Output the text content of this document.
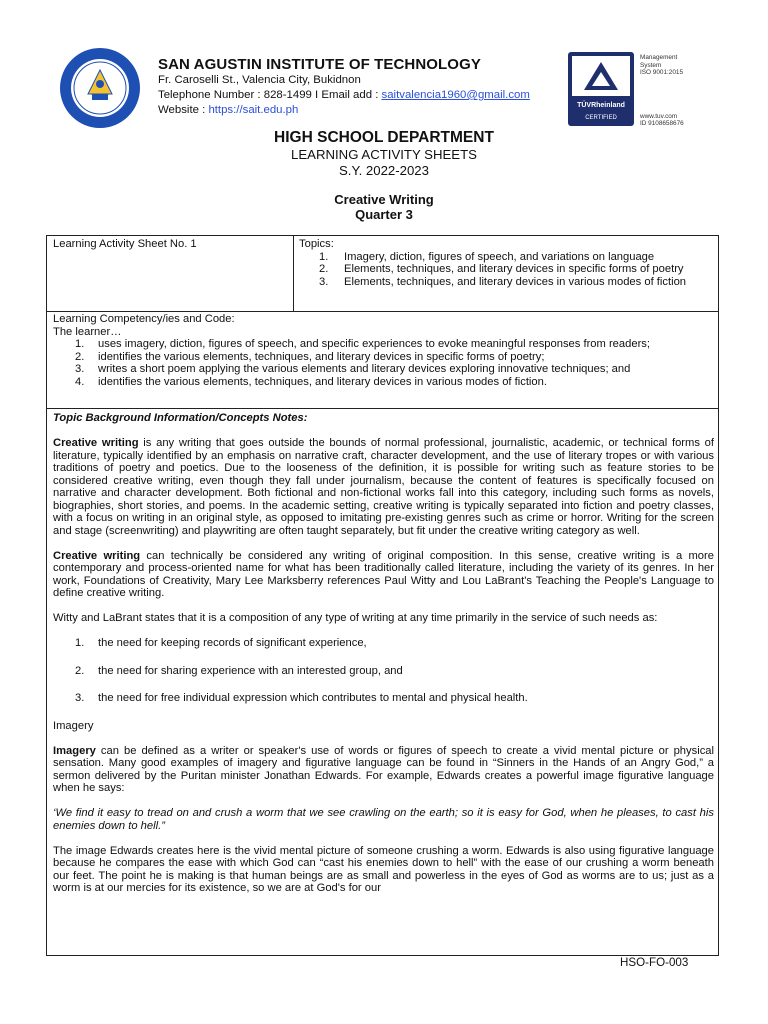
SAN AGUSTIN INSTITUTE OF TECHNOLOGY
Fr. Caroselli St., Valencia City, Bukidnon
Telephone Number : 828-1499 I Email add : saitvalencia1960@gmail.com
Website : https://sait.edu.ph	TÜVRheinland
CERTIFIED
Management
System
ISO 9001:2015
www.tuv.com
ID 9108658676
HIGH SCHOOL DEPARTMENT
LEARNING ACTIVITY SHEETS
S.Y. 2022-2023
Creative Writing
Quarter 3
Learning Activity Sheet No. 1	Topics:
1. Imagery, diction, figures of speech, and variations on language
2. Elements, techniques, and literary devices in specific forms of poetry
3. Elements, techniques, and literary devices in various modes of fiction
Learning Competency/ies and Code:
The learner…
1. uses imagery, diction, figures of speech, and specific experiences to evoke meaningful responses from readers;
2. identifies the various elements, techniques, and literary devices in specific forms of poetry;
3. writes a short poem applying the various elements and literary devices exploring innovative techniques; and
4. identifies the various elements, techniques, and literary devices in various modes of fiction.
Topic Background Information/Concepts Notes:

Creative writing is any writing that goes outside the bounds of normal professional, journalistic, academic, or technical forms of literature, typically identified by an emphasis on narrative craft, character development, and the use of literary tropes or with various traditions of poetry and poetics. Due to the looseness of the definition, it is possible for writing such as feature stories to be considered creative writing, even though they fall under journalism, because the content of features is specifically focused on narrative and character development. Both fictional and non-fictional works fall into this category, including such forms as novels, biographies, short stories, and poems. In the academic setting, creative writing is typically separated into fiction and poetry classes, with a focus on writing in an original style, as opposed to imitating pre-existing genres such as crime or horror. Writing for the screen and stage (screenwriting) and playwriting are often taught separately, but fit under the creative writing category as well.

Creative writing can technically be considered any writing of original composition. In this sense, creative writing is a more contemporary and process-oriented name for what has been traditionally called literature, including the variety of its genres. In her work, Foundations of Creativity, Mary Lee Marksberry references Paul Witty and Lou LaBrant's Teaching the People's Language to define creative writing.

Witty and LaBrant states that it is a composition of any type of writing at any time primarily in the service of such needs as:

1. the need for keeping records of significant experience,
2. the need for sharing experience with an interested group, and
3. the need for free individual expression which contributes to mental and physical health.

Imagery

Imagery can be defined as a writer or speaker's use of words or figures of speech to create a vivid mental picture or physical sensation. Many good examples of imagery and figurative language can be found in “Sinners in the Hands of an Angry God,” a sermon delivered by the Puritan minister Jonathan Edwards. For example, Edwards creates a powerful image figurative language when he says:

‘We find it easy to tread on and crush a worm that we see crawling on the earth; so it is easy for God, when he pleases, to cast his enemies down to hell.”

The image Edwards creates here is the vivid mental picture of someone crushing a worm. Edwards is also using figurative language because he compares the ease with which God can “cast his enemies down to hell” with the ease of our crushing a worm beneath our feet. The point he is making is that human beings are as small and powerless in the eyes of God as worms are to us; just as a worm is at our mercies for its existence, so we are at God's for our

HSO-FO-003
